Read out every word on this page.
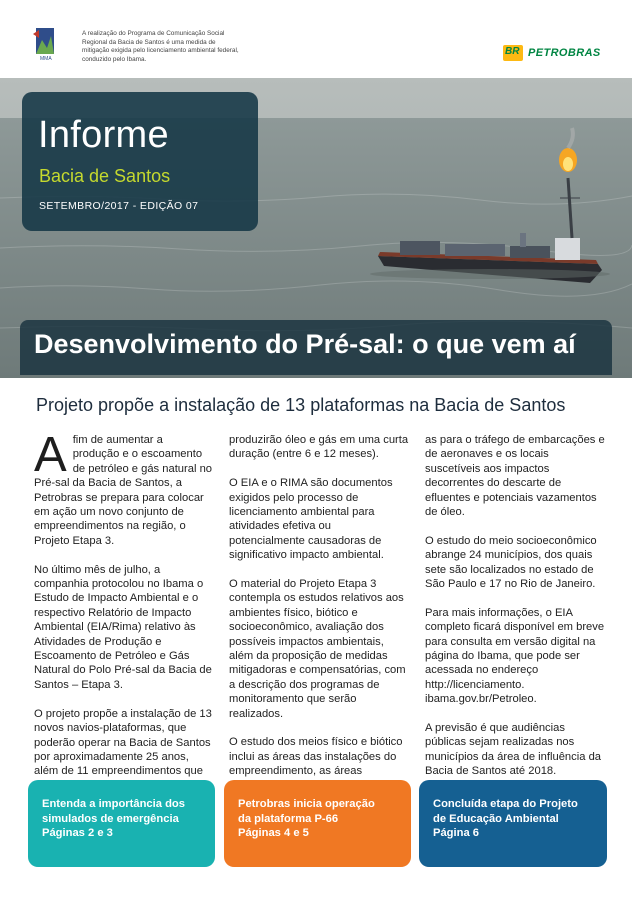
MMA
A realização do Programa de Comunicação Social Regional da Bacia de Santos é uma medida de mitigação exigida pelo licenciamento ambiental federal, conduzido pelo Ibama.
BR PETROBRAS
Informe
Bacia de Santos
SETEMBRO/2017 - EDIÇÃO 07
Desenvolvimento do Pré-sal: o que vem aí
Projeto propõe a instalação de 13 plataformas na Bacia de Santos

Afim de aumentar a produção e o escoamento de petróleo e gás natural no Pré-sal da Bacia de Santos, a Petrobras se prepara para colocar em ação um novo conjunto de empreendimentos na região, o Projeto Etapa 3.

No último mês de julho, a companhia protocolou no Ibama o Estudo de Impacto Ambiental e o respectivo Relatório de Impacto Ambiental (EIA/Rima) relativo às Atividades de Produção e Escoamento de Petróleo e Gás Natural do Polo Pré-sal da Bacia de Santos – Etapa 3.

O projeto propõe a instalação de 13 novos navios-plataformas, que poderão operar na Bacia de Santos por aproximadamente 25 anos, além de 11 empreendimentos que

produzirão óleo e gás em uma curta duração (entre 6 e 12 meses).

O EIA e o RIMA são documentos exigidos pelo processo de licenciamento ambiental para atividades efetiva ou potencialmente causadoras de significativo impacto ambiental.

O material do Projeto Etapa 3 contempla os estudos relativos aos ambientes físico, biótico e socioeconômico, avaliação dos possíveis impactos ambientais, além da proposição de medidas mitigadoras e compensatórias, com a descrição dos programas de monitoramento que serão realizados.

O estudo dos meios físico e biótico inclui as áreas das instalações do empreendimento, as áreas

as para o tráfego de embarcações e de aeronaves e os locais suscetíveis aos impactos decorrentes do descarte de efluentes e potenciais vazamentos de óleo.

O estudo do meio socioeconômico abrange 24 municípios, dos quais sete são localizados no estado de São Paulo e 17 no Rio de Janeiro.

Para mais informações, o EIA completo ficará disponível em breve para consulta em versão digital na página do Ibama, que pode ser acessada no endereço http://licenciamento. ibama.gov.br/Petroleo.

A previsão é que audiências públicas sejam realizadas nos municípios da área de influência da Bacia de Santos até 2018.

Entenda a importância dos
simulados de emergência
Páginas 2 e 3
Petrobras inicia operação
da plataforma P-66
Páginas 4 e 5
Concluída etapa do Projeto
de Educação Ambiental
Página 6
